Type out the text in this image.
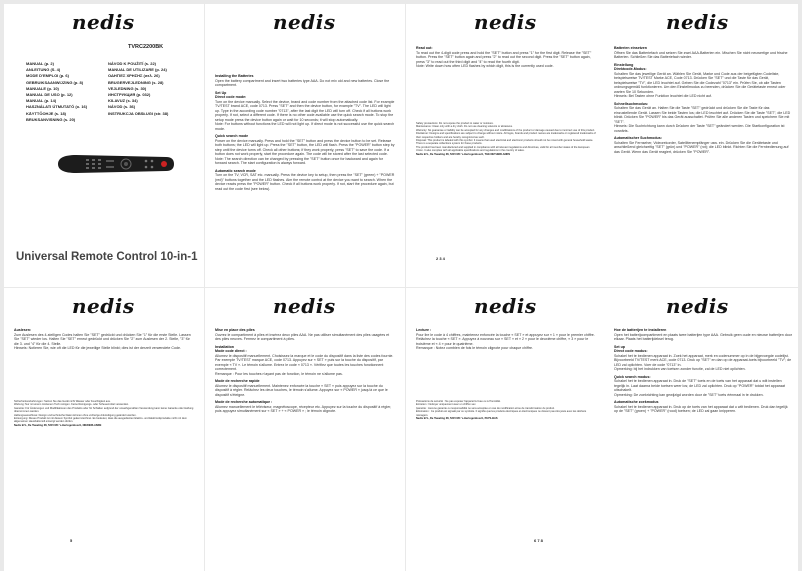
nedis
TVRC2200BK
MANUAL (p. 2)
ANLEITUNG (S. 4)
MODE D'EMPLOI (p. 6)
GEBRUIKSAANWIJZING (p. 8)
MANUALE (p. 10)
MANUAL DE USO (p. 12)
MANUAL (p. 14)
HASZNÁLATI ÚTMUTATÓ (o. 16)
KÄYTTÖOHJE (s. 18)
BRUKSANVISNING (s. 20)
NÁVOD K POUŽITÍ (s. 22)
MANUAL DE UTILIZARE (p. 24)
ΟΔΗΓΙΕΣ ΧΡΗΣΗΣ (σελ. 26)
BRUGERVEJLEDNING (s. 28)
VEJLEDNING (s. 30)
ИНСТРУКЦИЯ (p. 032)
KILAVUZ (s. 34)
NÁVOD (s. 36)
INSTRUKCJA OBSŁUGI (str. 38)
Universal Remote Control 10-in-1
nedis
Installing the Batteries
Open the battery compartment and insert two batteries type AAA. Do not mix old and new batteries. Close the compartment.
Set Up
Direct code mode:
Turn on the device manually. Select the device, brand and code number from the attached code list. For example TV/TEST brand ACE, code 0713. Press "SET" and then the device button, for example "TV". The LED will light up. Type in the according code number "0713", after the last digit the LED will turn off. Check if all buttons work properly. If not, select a different code. If there is no other code available use the quick search mode. To stop the setup mode press the device button again or wait for 10 seconds; it will stop automatically.
Note: For buttons without functions the LED will not light up. If direct mode is not successful use the quick search mode.
Quick search mode
Power on the device manually. Press and hold the "SET" button and press the device button to be set. Release both buttons; the LED will light up. Press the "SET" button, the LED will flash. Press the "POWER" button step by step until the device turns off. Check all other buttons; if they work properly, press "SET" to save the code. If a button does not work properly, start the procedure again. The code will be stored after the last selected code.
Note: The search direction can be changed by pressing the "SET" button once for backward and again for forward search. The start configuration is always forward.
Automatic search mode
Turn on the TV, VCR, SAT etc. manually. Press the device key to setup, then press the "SET" (green) + "POWER (red)" buttons together and the LED flashes. Aim the remote control at the device you want to search. When the device reacts press the "POWER" button. Check if all buttons work properly. If not, start the procedure again, but read out the code first (see below).
nedis
Read out:
To read out the 4-digit code press and hold the "SET" button and press "1" for the first digit. Release the "SET" button. Press the "SET" button again and press "2" to read out the second digit. Press the "SET" button again, press "3" to read out the third digit and "4" to read the fourth digit.
Note: Write down how often LED flashes by which digit, this is the currently used code.
Safety precautions: Do not expose the product to water or moisture.
Maintenance: Clean only with a dry cloth. Do not use cleaning solvents or abrasives.
Warranty: No guarantee or liability can be accepted for any changes and modifications of the product or damage caused due to incorrect use of this product.
Disclaimer: Designs and specifications are subject to change without notice. All logos, brands and product names are trademarks or registered trademarks of their respective holders and are hereby recognized as such.
Disposal: This product is labeled with this symbol. It means that used electrical and electronic products should not be mixed with general household waste. There is a separate collections system for these products.
The product has been manufactured and supplied in compliance with all relevant regulations and directives, valid for all member states of the European Union. It also complies with all applicable specifications and regulations in the country of sales.
Nedis B.V., De Tweeling 28, 5215 MC 's-Hertogenbosch, THE NETHERLANDS
2 3 4
nedis
Batterien einsetzen
Öffnen Sie das Batteriefach und setzen Sie zwei AAA-Batterien ein. Mischen Sie nicht neuwertige und frische Batterien. Schließen Sie das Batteriefach wieder.
Einstellung
Direktcode-Modus:
Schalten Sie das jeweilige Gerät an. Wählen Sie Gerät, Marke und Code aus der beigefügten Codeliste, beispielsweise TV/TEST Marke ACE, Code 0713. Drücken Sie "SET" und die Taste für das Gerät, beispielsweise "TV", die LED leuchtet auf. Geben Sie die Codezahl "0713" ein. Prüfen Sie, ob alle Tasten ordnungsgemäß funktionieren. Um den Einstellmodus zu beenden, drücken Sie die Gerätetaste erneut oder warten Sie 10 Sekunden.
Hinweis: Bei Tasten ohne Funktion leuchtet die LED nicht auf.
Schnellsuchmodus:
Schalten Sie das Gerät an. Halten Sie die Taste "SET" gedrückt und drücken Sie die Taste für das einzustellende Gerät. Lassen Sie beide Tasten los; die LED leuchtet auf. Drücken Sie die Taste "SET", die LED blinkt. Drücken Sie "POWER" bis das Gerät ausschaltet. Prüfen Sie alle anderen Tasten und speichern Sie mit "SET".
Hinweis: Die Suchrichtung kann durch Drücken der Taste "SET" geändert werden. Die Startkonfiguration ist vorwärts.
Automatischer Suchmodus:
Schalten Sie Fernseher, Videorekorder, Satellitenempfänger usw. ein. Drücken Sie die Gerätetaste und anschließend gleichzeitig "SET" (grün) und "POWER" (rot); die LED blinkt. Richten Sie die Fernbedienung auf das Gerät. Wenn das Gerät reagiert, drücken Sie "POWER".
nedis
Auslesen:
Zum Auslesen des 4-stelligen Codes halten Sie "SET" gedrückt und drücken Sie "1" für die erste Stelle. Lassen Sie "SET" wieder los. Halten Sie "SET" erneut gedrückt und drücken Sie "2" zum Auslesen der 2. Stelle, "3" für die 3. und "4" für die 4. Stelle.
Hinweis: Notieren Sie, wie oft die LED für die jeweilige Stelle blinkt; dies ist der derzeit verwendete Code.
Sicherheitsvorkehrungen: Setzen Sie das Gerät nicht Wasser oder Feuchtigkeit aus.
Wartung: Nur mit einem trockenen Tuch reinigen. Keine Reinigungs- oder Scheuermittel verwenden.
Garantie: Für Änderungen und Modifikationen des Produkts oder für Schäden aufgrund der unsachgemäßen Verwendung kann keine Garantie oder Haftung übernommen werden.
Haftungsausschluss: Design und technische Daten können ohne vorherige Ankündigung geändert werden.
Entsorgung: Dieses Produkt ist mit diesem Symbol gekennzeichnet. Es bedeutet, dass die ausgedienten Elektro- und Elektronikprodukte nicht mit dem allgemeinen Haushaltsmüll entsorgt werden dürfen.
Nedis B.V., De Tweeling 28, 5215 MC 's-Hertogenbosch, NIEDERLANDE
5
nedis
Mise en place des piles
Ouvrez le compartiment à piles et insérez deux piles AAA. Ne pas utiliser simultanément des piles usagées et des piles neuves. Fermez le compartiment à piles.
Installation
Mode code direct :
Allumez le dispositif manuellement. Choisissez la marque et le code du dispositif dans la liste des codes fournie. Par exemple TV/TEST marque ACE, code 0713. Appuyez sur « SET » puis sur la touche du dispositif, par exemple « TV ». Le témoin s'allume. Entrez le code « 0713 ». Vérifiez que toutes les touches fonctionnent correctement.
Remarque : Pour les touches n'ayant pas de fonction, le témoin ne s'allume pas.
Mode de recherche rapide
Allumez le dispositif manuellement. Maintenez enfoncée la touche « SET » puis appuyez sur la touche du dispositif à régler. Relâchez les deux touches, le témoin s'allume. Appuyez sur « POWER » jusqu'à ce que le dispositif s'éteigne.
Mode de recherche automatique :
Allumez manuellement le téléviseur, magnétoscope, récepteur etc. Appuyez sur la touche du dispositif à régler, puis appuyez simultanément sur « SET » + « POWER » ; le témoin clignote.
nedis
Lecture :
Pour lire le code à 4 chiffres, maintenez enfoncée la touche « SET » et appuyez sur « 1 » pour le premier chiffre. Relâchez la touche « SET ». Appuyez à nouveau sur « SET » et « 2 » pour le deuxième chiffre, « 3 » pour le troisième et « 4 » pour le quatrième.
Remarque : Notez combien de fois le témoin clignote pour chaque chiffre.
Précautions de sécurité : Ne pas exposer l'appareil à l'eau ou à l'humidité.
Entretien : Nettoyer uniquement avec un chiffon sec.
Garantie : Aucune garantie ou responsabilité ne sera acceptée en cas de modification et/ou de transformation du produit.
Élimination : Ce produit est signalé par ce symbole. Il signifie que les produits électriques et électroniques ne doivent pas être jetés avec les déchets ménagers.
Nedis B.V., De Tweeling 28, 5215 MC 's-Hertogenbosch, PAYS-BAS
6 7 8
nedis
Hoe de batterijen te installeren
Open het batterijcompartiment en plaats twee batterijen type AAA. Gebruik geen oude en nieuwe batterijen door elkaar. Plaats het batterijdeksel terug.
Set up
Direct code modus:
Schakel het te bedienen apparaat in. Zoek het apparaat, merk en codenummer op in de bijgevoegde codelijst. Bijvoorbeeld TV/TEST merk ACE, code 0713. Druk op "SET" en dan op de apparaat-toets bijvoorbeeld "TV"; de LED zal oplichten. Voer de code "0713" in.
Opmerking: bij het indrukken van toetsen zonder functie, zal de LED niet oplichten.
Quick search modus:
Schakel het te bedienen apparaat in. Druk de "SET" toets en de toets van het apparaat dat u wilt instellen tegelijk in. Laat daarna beide toetsen weer los; de LED zal oplichten. Druk op "POWER" totdat het apparaat uitschakelt.
Opmerking: De zoekrichting kan gewijzigd worden door de "SET" toets éénmaal in te drukken.
Automatische zoekmodus
Schakel het te bedienen apparaat in. Druk op de toets van het apparaat dat u wilt bedienen. Druk dan tegelijk op de "SET" (groen) + "POWER" (rood) toetsen; de LED zal gaan knipperen.
